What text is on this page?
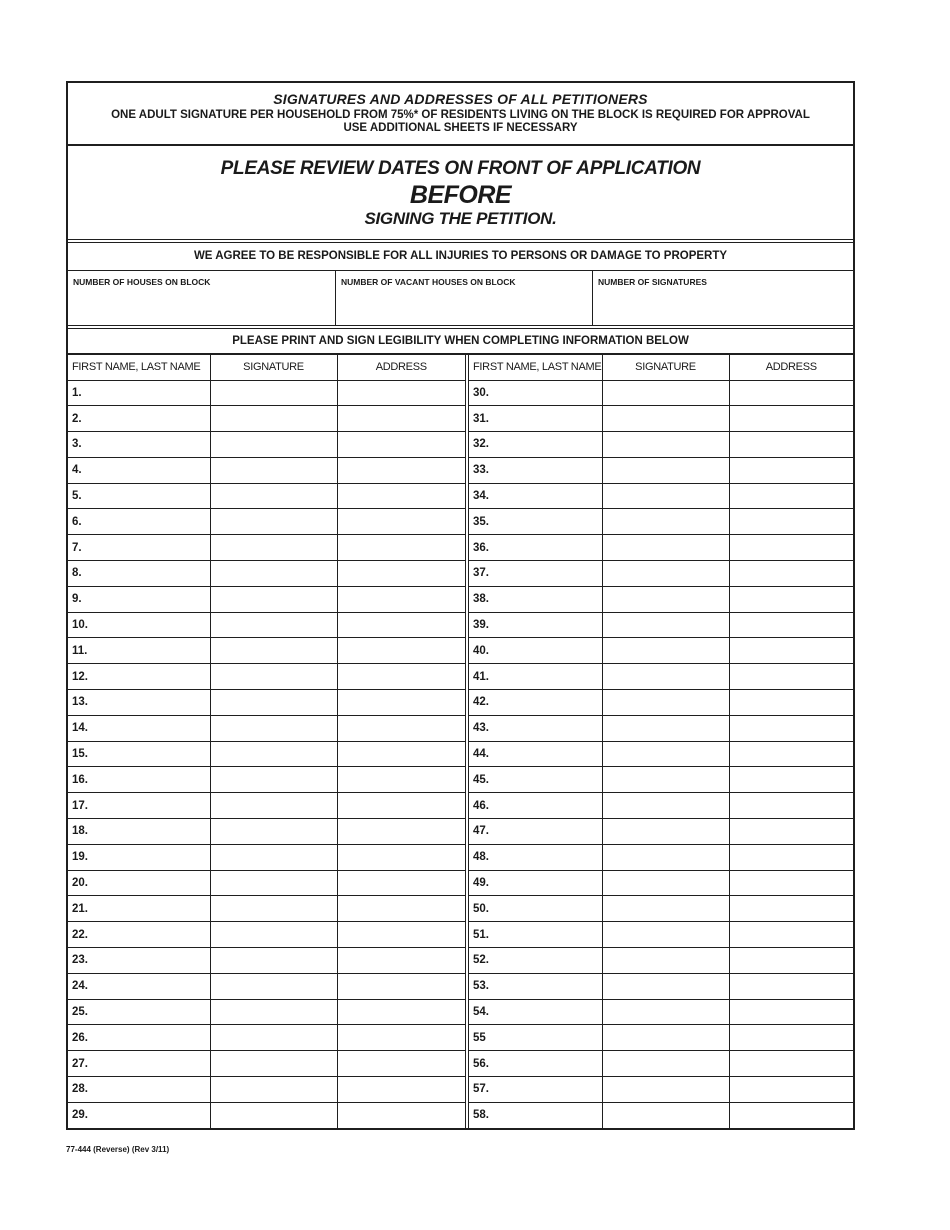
SIGNATURES AND ADDRESSES OF ALL PETITIONERS
ONE ADULT SIGNATURE PER HOUSEHOLD FROM 75%* OF RESIDENTS LIVING ON THE BLOCK IS REQUIRED FOR APPROVAL
USE ADDITIONAL SHEETS IF NECESSARY
PLEASE REVIEW DATES ON FRONT OF APPLICATION
BEFORE
SIGNING THE PETITION.
WE AGREE TO BE RESPONSIBLE FOR ALL INJURIES TO PERSONS OR DAMAGE TO PROPERTY
NUMBER OF HOUSES ON BLOCK	NUMBER OF VACANT HOUSES ON BLOCK	NUMBER OF SIGNATURES
PLEASE PRINT AND SIGN LEGIBILITY WHEN COMPLETING INFORMATION BELOW
FIRST NAME, LAST NAME	SIGNATURE	ADDRESS	FIRST NAME, LAST NAME	SIGNATURE	ADDRESS
1.			30.		
2.			31.		
3.			32.		
4.			33.		
5.			34.		
6.			35.		
7.			36.		
8.			37.		
9.			38.		
10.			39.		
11.			40.		
12.			41.		
13.			42.		
14.			43.		
15.			44.		
16.			45.		
17.			46.		
18.			47.		
19.			48.		
20.			49.		
21.			50.		
22.			51.		
23.			52.		
24.			53.		
25.			54.		
26.			55		
27.			56.		
28.			57.		
29.			58.		
77-444 (Reverse) (Rev 3/11)
